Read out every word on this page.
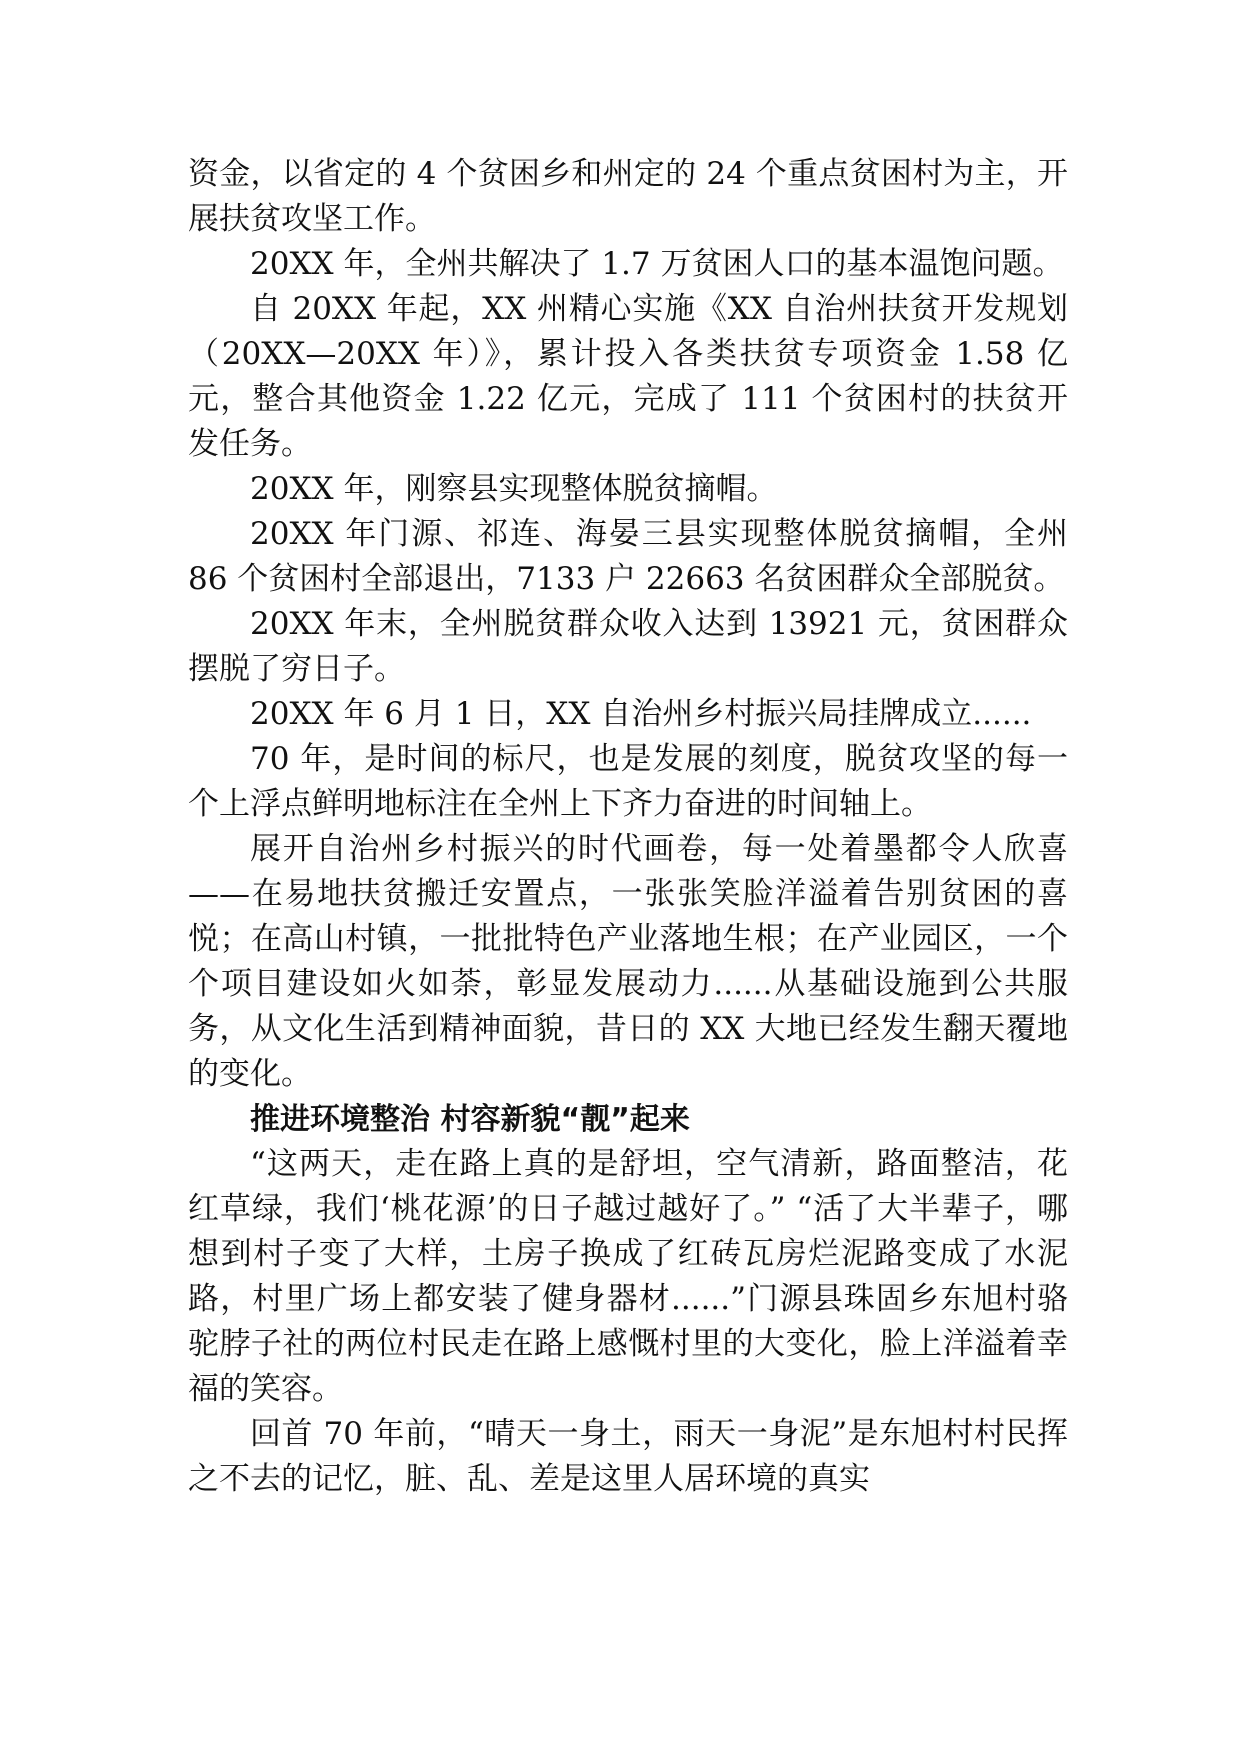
资金，以省定的 4 个贫困乡和州定的 24 个重点贫困村为主，开展扶贫攻坚工作。

20XX 年，全州共解决了 1.7 万贫困人口的基本温饱问题。

自 20XX 年起，XX 州精心实施《XX 自治州扶贫开发规划（20XX—20XX 年）》，累计投入各类扶贫专项资金 1.58 亿元，整合其他资金 1.22 亿元，完成了 111 个贫困村的扶贫开发任务。

20XX 年，刚察县实现整体脱贫摘帽。

20XX 年门源、祁连、海晏三县实现整体脱贫摘帽，全州 86 个贫困村全部退出，7133 户 22663 名贫困群众全部脱贫。

20XX 年末，全州脱贫群众收入达到 13921 元，贫困群众摆脱了穷日子。

20XX 年 6 月 1 日，XX 自治州乡村振兴局挂牌成立......

70 年，是时间的标尺，也是发展的刻度，脱贫攻坚的每一个上浮点鲜明地标注在全州上下齐力奋进的时间轴上。

展开自治州乡村振兴的时代画卷，每一处着墨都令人欣喜——在易地扶贫搬迁安置点，一张张笑脸洋溢着告别贫困的喜悦；在高山村镇，一批批特色产业落地生根；在产业园区，一个个项目建设如火如荼，彰显发展动力......从基础设施到公共服务，从文化生活到精神面貌，昔日的 XX 大地已经发生翻天覆地的变化。

推进环境整治 村容新貌“靓”起来

“这两天，走在路上真的是舒坦，空气清新，路面整洁，花红草绿，我们‘桃花源’的日子越过越好了。” “活了大半辈子，哪想到村子变了大样，土房子换成了红砖瓦房烂泥路变成了水泥路，村里广场上都安装了健身器材......”门源县珠固乡东旭村骆驼脖子社的两位村民走在路上感慨村里的大变化，脸上洋溢着幸福的笑容。

回首 70 年前，“晴天一身土，雨天一身泥”是东旭村村民挥之不去的记忆，脏、乱、差是这里人居环境的真实
